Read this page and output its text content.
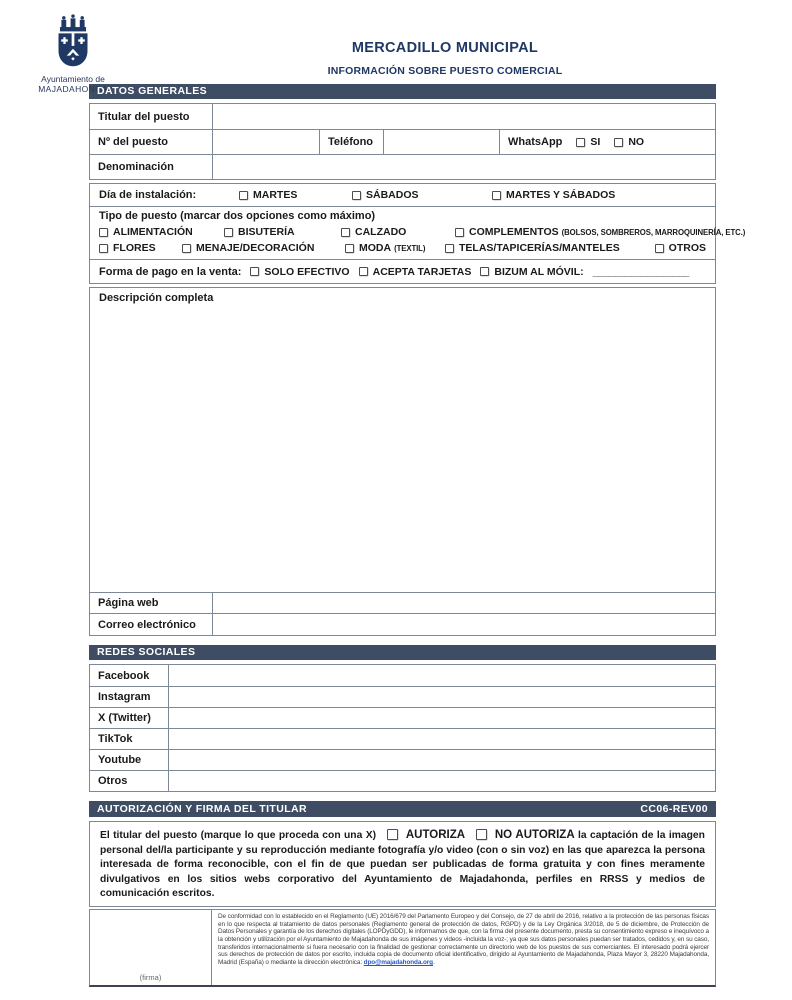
Ayuntamiento de
MAJADAHONDA
MERCADILLO MUNICIPAL
INFORMACIÓN SOBRE PUESTO COMERCIAL
DATOS GENERALES
Titular del puesto
Nº del puesto	Teléfono	WhatsApp	SI	NO
Denominación
Día de instalación:	MARTES	SÁBADOS	MARTES Y SÁBADOS
Tipo de puesto (marcar dos opciones como máximo)
ALIMENTACIÓN	BISUTERÍA	CALZADO	COMPLEMENTOS (BOLSOS, SOMBREROS, MARROQUINERÍA, ETC.)
FLORES	MENAJE/DECORACIÓN	MODA (TEXTIL)	TELAS/TAPICERÍAS/MANTELES	OTROS
Forma de pago en la venta: SOLO EFECTIVO ACEPTA TARJETAS BIZUM AL MÓVIL: __________________
Descripción completa
Página web
Correo electrónico
REDES SOCIALES
Facebook
Instagram
X (Twitter)
TikTok
Youtube
Otros
AUTORIZACIÓN Y FIRMA DEL TITULAR	CC06-REV00

El titular del puesto (marque lo que proceda con una X)	AUTORIZA	NO AUTORIZA la captación de la imagen personal del/la participante y su reproducción mediante fotografía y/o video (con o sin voz) en las que aparezca la persona interesada de forma reconocible, con el fin de que puedan ser publicadas de forma gratuita y con fines meramente divulgativos en los sitios webs corporativo del Ayuntamiento de Majadahonda, perfiles en RRSS y medios de comunicación escritos.

(firma)

De conformidad con lo establecido en el Reglamento (UE) 2016/679 del Parlamento Europeo y del Consejo, de 27 de abril de 2016, relativo a la protección de las personas físicas en lo que respecta al tratamiento de datos personales (Reglamento general de protección de datos, RGPD) y de la Ley Orgánica 3/2018, de 5 de diciembre, de Protección de Datos Personales y garantía de los derechos digitales (LOPDyGDD), le informamos de que, con la firma del presente documento, presta su consentimiento expreso e inequívoco a la obtención y utilización por el Ayuntamiento de Majadahonda de sus imágenes y videos -incluida la voz-; ya que sus datos personales puedan ser tratados, cedidos y, en su caso, transferidos internacionalmente si fuera necesario con la finalidad de gestionar correctamente un directorio web de los puestos de sus comerciantes. El interesado podrá ejercer sus derechos de protección de datos por escrito, incluida copia de documento oficial identificativo, dirigido al Ayuntamiento de Majadahonda, Plaza Mayor 3, 28220 Majadahonda, Madrid (España) o mediante la dirección electrónica: dpo@majadahonda.org.
